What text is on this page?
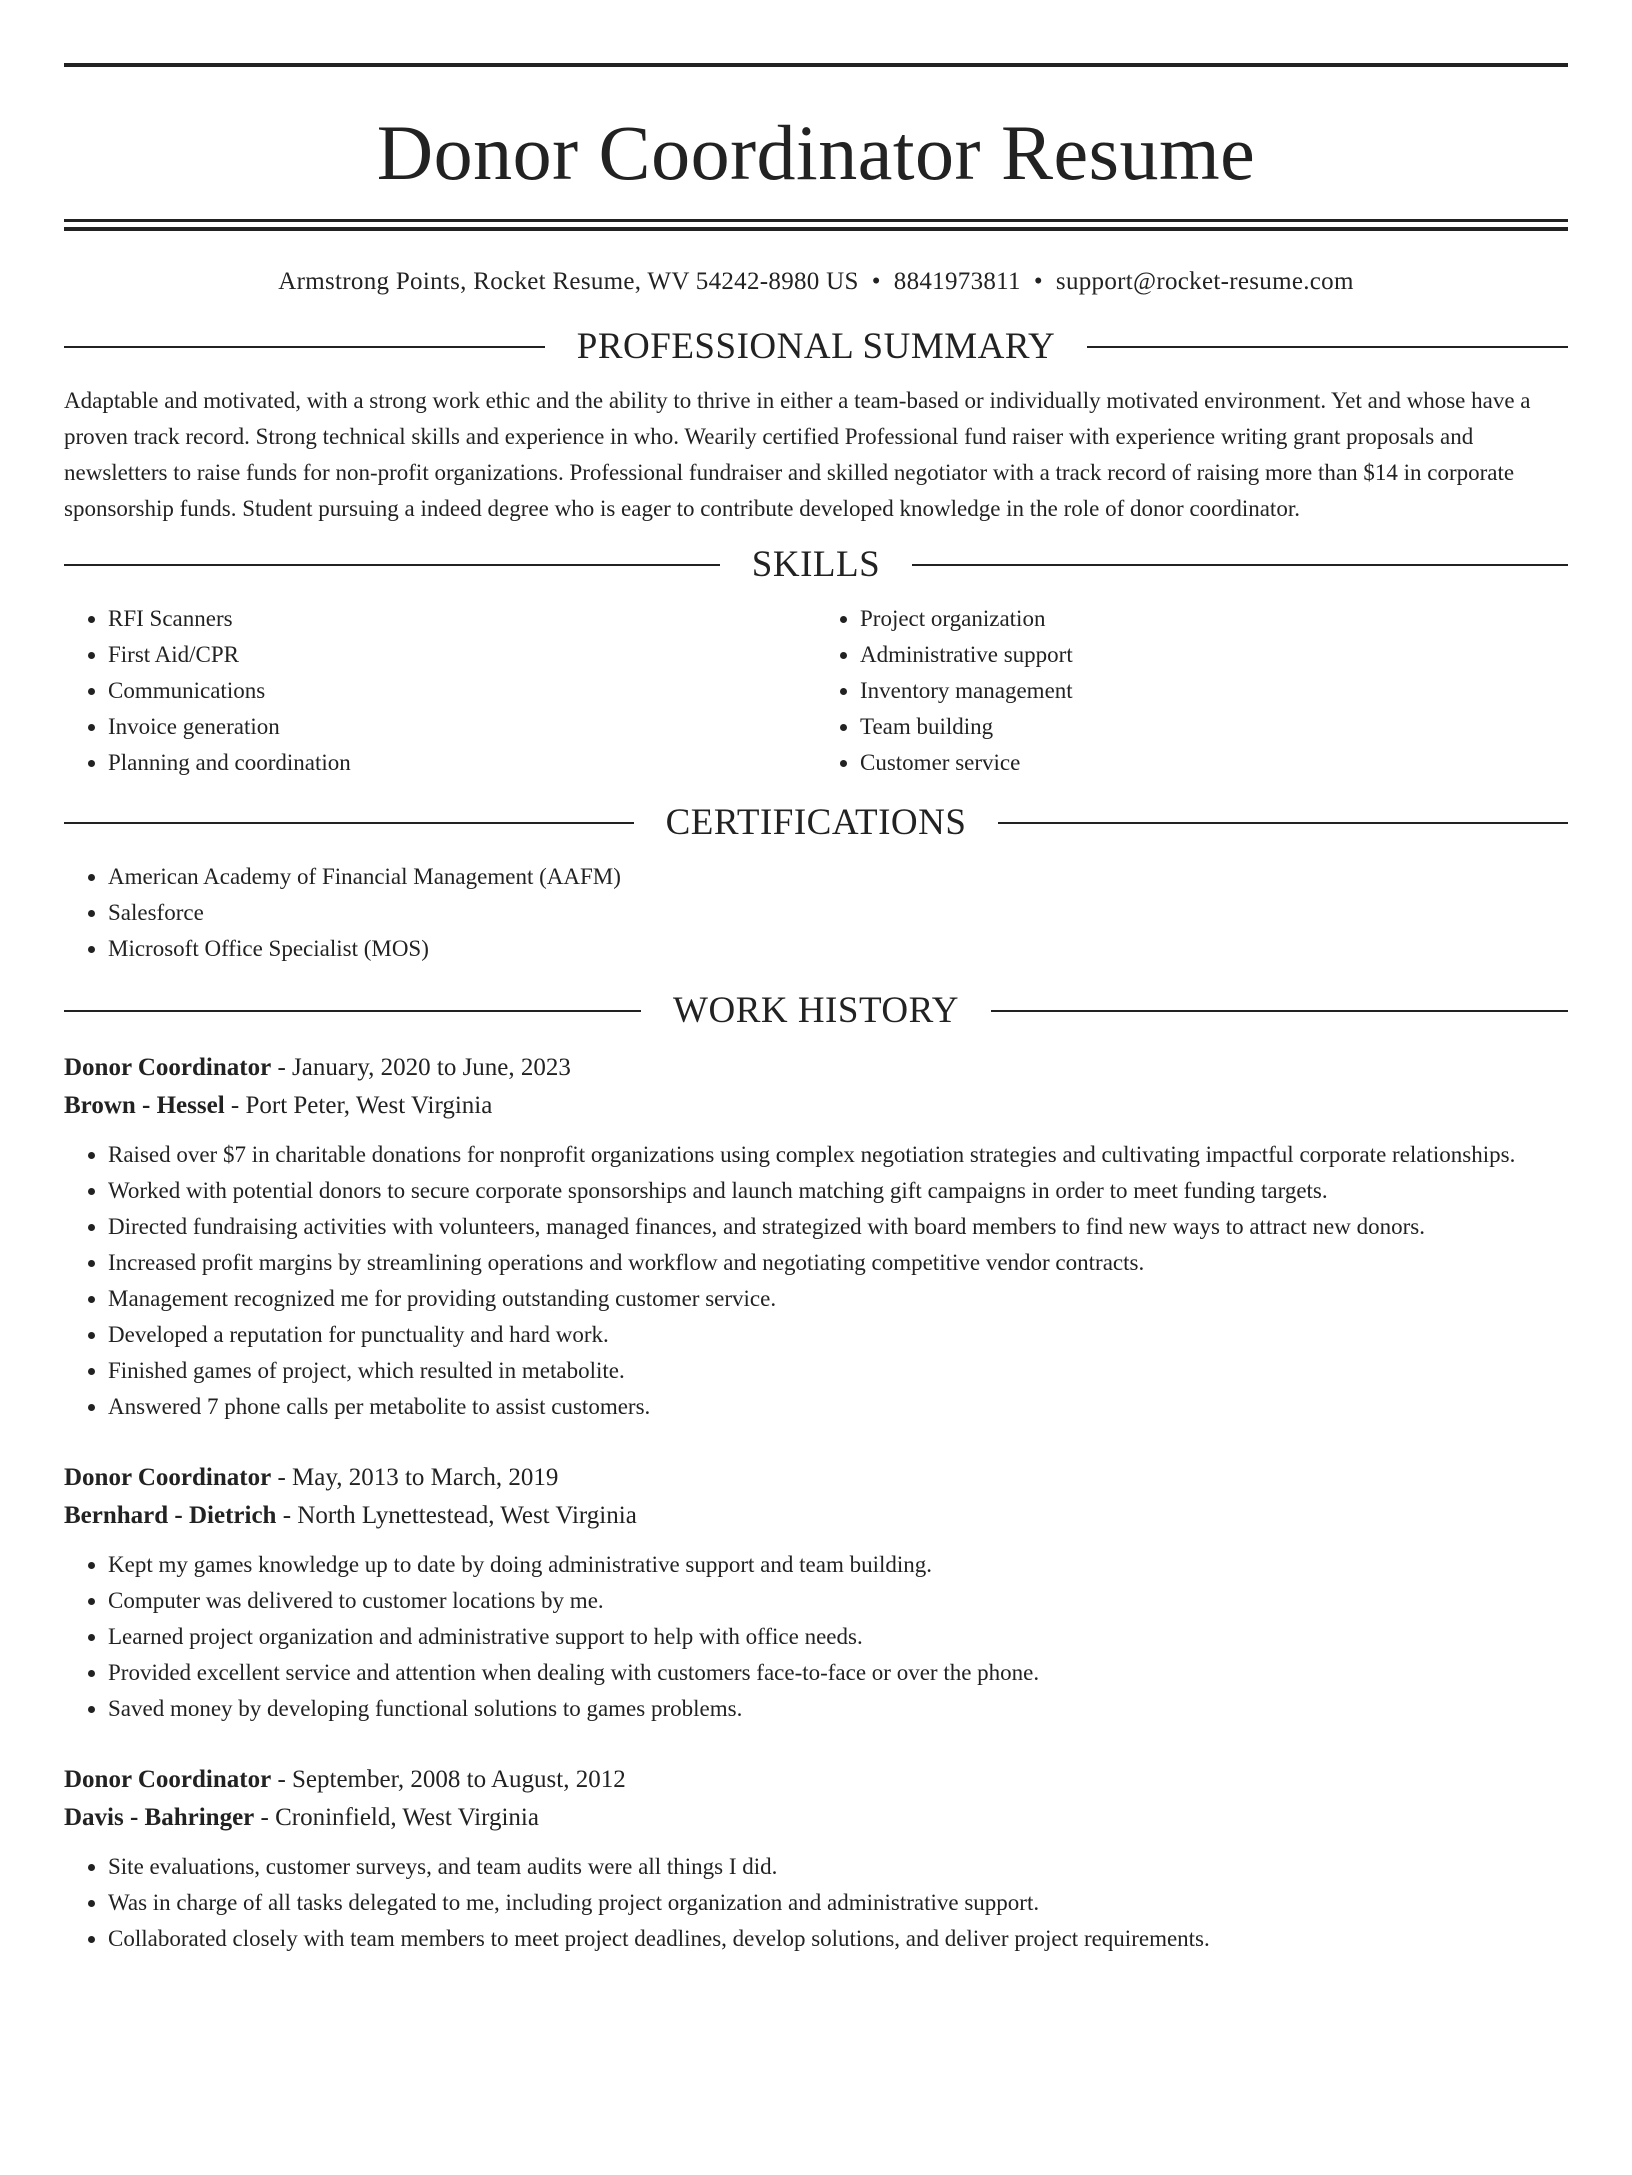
Donor Coordinator Resume
Armstrong Points, Rocket Resume, WV 54242-8980 US • 8841973811 • support@rocket-resume.com
PROFESSIONAL SUMMARY
Adaptable and motivated, with a strong work ethic and the ability to thrive in either a team-based or individually motivated environment. Yet and whose have a proven track record. Strong technical skills and experience in who. Wearily certified Professional fund raiser with experience writing grant proposals and newsletters to raise funds for non-profit organizations. Professional fundraiser and skilled negotiator with a track record of raising more than $14 in corporate sponsorship funds. Student pursuing a indeed degree who is eager to contribute developed knowledge in the role of donor coordinator.
SKILLS
• RFI Scanners
• First Aid/CPR
• Communications
• Invoice generation
• Planning and coordination
• Project organization
• Administrative support
• Inventory management
• Team building
• Customer service
CERTIFICATIONS
• American Academy of Financial Management (AAFM)
• Salesforce
• Microsoft Office Specialist (MOS)
WORK HISTORY
Donor Coordinator - January, 2020 to June, 2023
Brown - Hessel - Port Peter, West Virginia
• Raised over $7 in charitable donations for nonprofit organizations using complex negotiation strategies and cultivating impactful corporate relationships.
• Worked with potential donors to secure corporate sponsorships and launch matching gift campaigns in order to meet funding targets.
• Directed fundraising activities with volunteers, managed finances, and strategized with board members to find new ways to attract new donors.
• Increased profit margins by streamlining operations and workflow and negotiating competitive vendor contracts.
• Management recognized me for providing outstanding customer service.
• Developed a reputation for punctuality and hard work.
• Finished games of project, which resulted in metabolite.
• Answered 7 phone calls per metabolite to assist customers.
Donor Coordinator - May, 2013 to March, 2019
Bernhard - Dietrich - North Lynettestead, West Virginia
• Kept my games knowledge up to date by doing administrative support and team building.
• Computer was delivered to customer locations by me.
• Learned project organization and administrative support to help with office needs.
• Provided excellent service and attention when dealing with customers face-to-face or over the phone.
• Saved money by developing functional solutions to games problems.
Donor Coordinator - September, 2008 to August, 2012
Davis - Bahringer - Croninfield, West Virginia
• Site evaluations, customer surveys, and team audits were all things I did.
• Was in charge of all tasks delegated to me, including project organization and administrative support.
• Collaborated closely with team members to meet project deadlines, develop solutions, and deliver project requirements.
